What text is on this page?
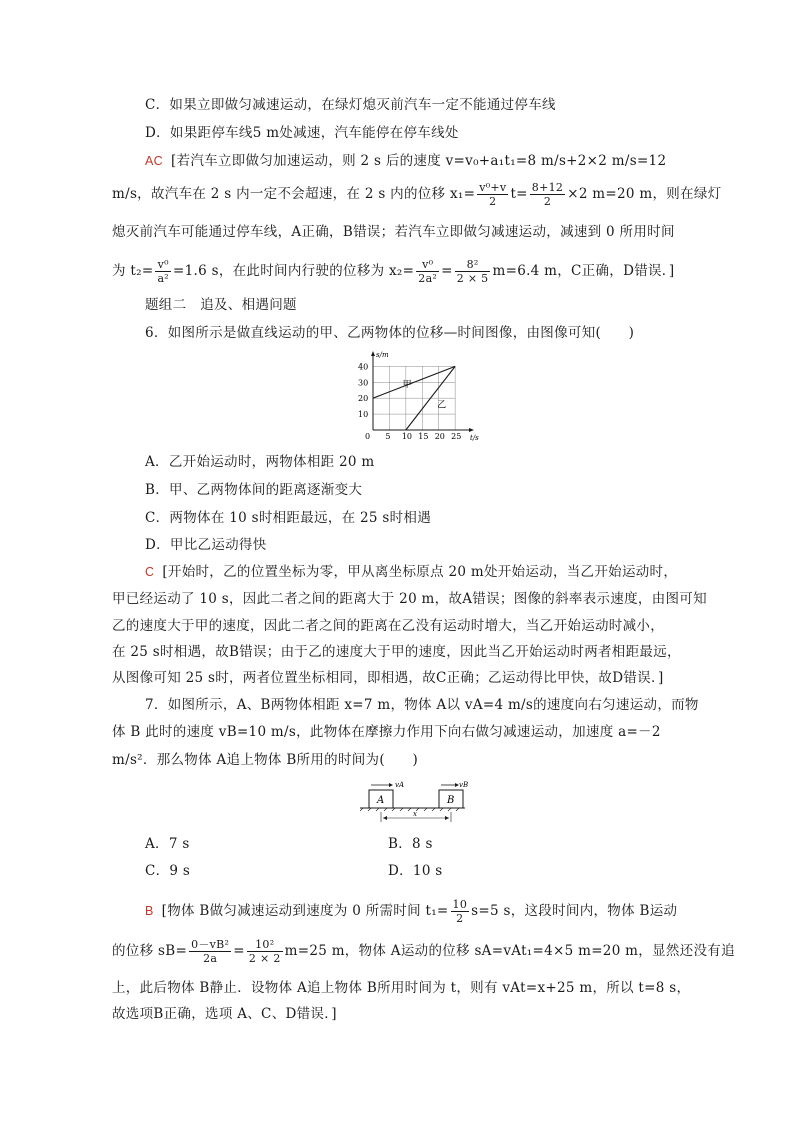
C．如果立即做匀减速运动，在绿灯熄灭前汽车一定不能通过停车线
D．如果距停车线5 m处减速，汽车能停在停车线处
AC [若汽车立即做匀加速运动，则 2 s 后的速度 v=v₀+a₁t₁=8 m/s+2×2 m/s=12
m/s，故汽车在 2 s 内一定不会超速，在 2 s 内的位移 $x_1= \frac{\text{v⁰+v}}{2} t= \frac{8+12}{2} \times 2$ m=20 m，则在绿灯
熄灭前汽车可能通过停车线，A正确，B错误；若汽车立即做匀减速运动，减速到 0 所用时间
为 $t_2= \frac{\text{v⁰}}{\text{a²}} =1.6$ s，在此时间内行驶的位移为 $x_2= \frac{\text{v⁰}}{\text{2a²}} = \frac{\text{8²}}{2 \times 5} m=6.4$ m，C正确，D错误．]
题组二　追及、相遇问题
6．如图所示是做直线运动的甲、乙两物体的位移—时间图像，由图像可知(　　)
0 5 10 15 20 25
10
20
30
40
s/m
t/s
甲
乙
A．乙开始运动时，两物体相距 20 m
B．甲、乙两物体间的距离逐渐变大
C．两物体在 10 s时相距最远，在 25 s时相遇
D．甲比乙运动得快
C [开始时，乙的位置坐标为零，甲从离坐标原点 20 m处开始运动，当乙开始运动时，
甲已经运动了 10 s，因此二者之间的距离大于 20 m，故A错误；图像的斜率表示速度，由图可知
乙的速度大于甲的速度，因此二者之间的距离在乙没有运动时增大，当乙开始运动时减小，
在 25 s时相遇，故B错误；由于乙的速度大于甲的速度，因此当乙开始运动时两者相距最远，
从图像可知 25 s时，两者位置坐标相同，即相遇，故C正确；乙运动得比甲快，故D错误．]
7．如图所示，A、B两物体相距 x=7 m，物体 A以 vA=4 m/s的速度向右匀速运动，而物
体 B 此时的速度 vB=10 m/s，此物体在摩擦力作用下向右做匀减速运动，加速度 a=－2
m/s²．那么物体 A追上物体 B所用的时间为(　　)
A	B
vA	vB
x
A．7 s	B．8 s
C．9 s	D．10 s
B [物体 B做匀减速运动到速度为 0 所需时间 $t_1= \frac{10}{2} s=5$ s，这段时间内，物体 B运动
的位移 $sB= \frac{\text{0－vB²}}{2a} = \frac{\text{10²}}{2 \times 2} m=25$ m，物体 A运动的位移 sA=vAt₁=4×5 m=20 m，显然还没有追
上，此后物体 B静止．设物体 A追上物体 B所用时间为 t，则有 vAt=x+25 m，所以 t=8 s，
故选项B正确，选项 A、C、D错误．]
